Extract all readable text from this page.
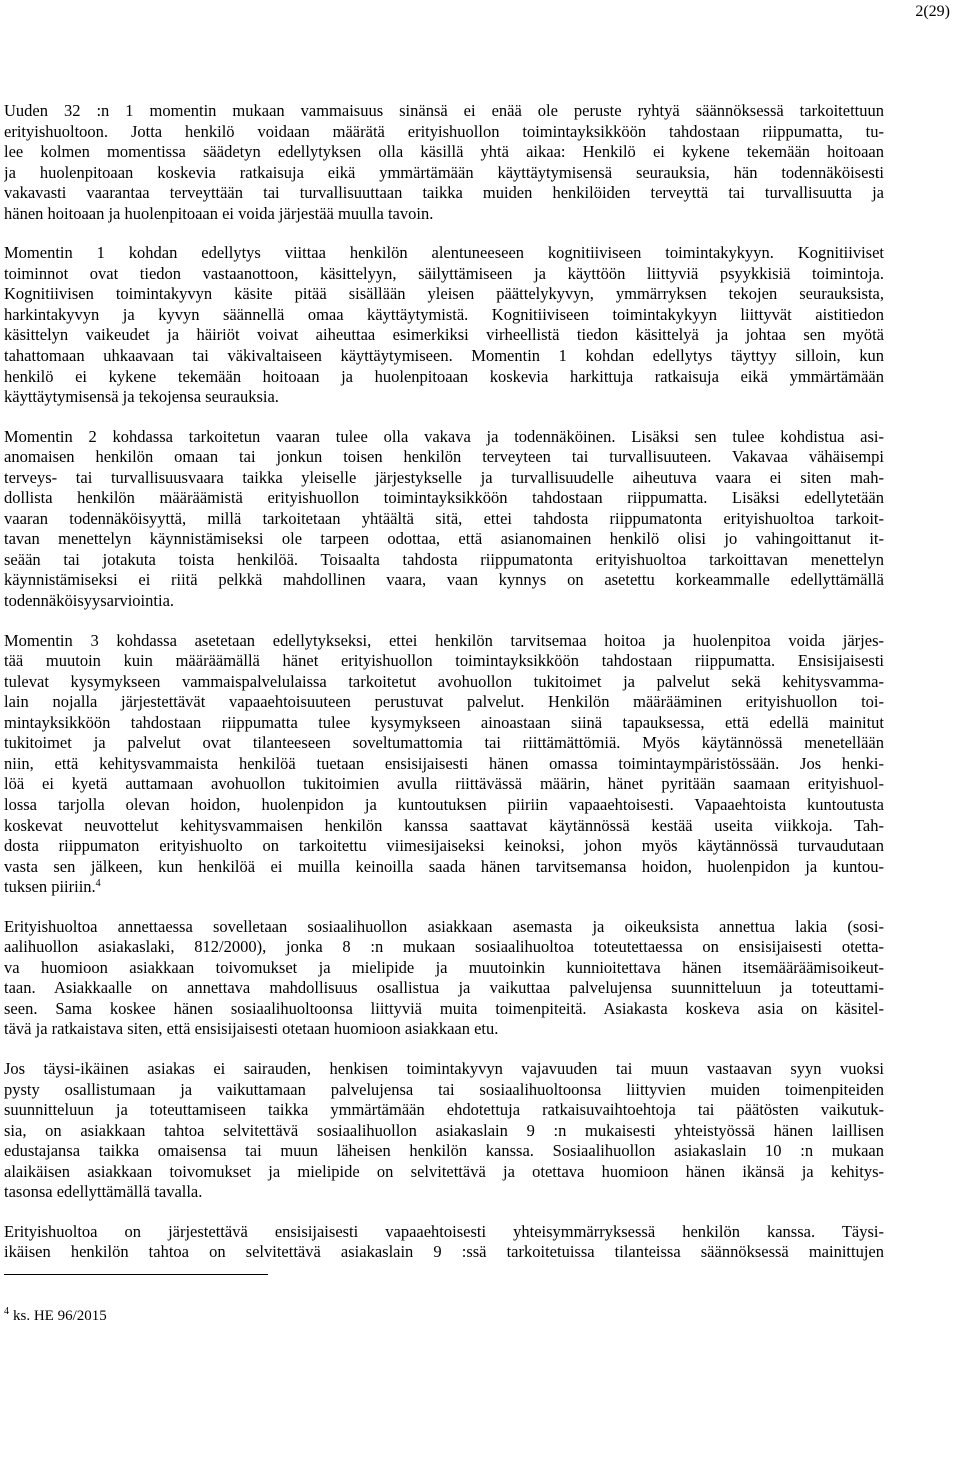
2(29)

Uuden 32 :n 1 momentin mukaan vammaisuus sinänsä ei enää ole peruste ryhtyä säännöksessä tarkoitettuun
erityishuoltoon. Jotta henkilö voidaan määrätä erityishuollon toimintayksikköön tahdostaan riippumatta, tu-
lee kolmen momentissa säädetyn edellytyksen olla käsillä yhtä aikaa: Henkilö ei kykene tekemään hoitoaan
ja huolenpitoaan koskevia ratkaisuja eikä ymmärtämään käyttäytymisensä seurauksia, hän todennäköisesti
vakavasti vaarantaa terveyttään tai turvallisuuttaan taikka muiden henkilöiden terveyttä tai turvallisuutta ja
hänen hoitoaan ja huolenpitoaan ei voida järjestää muulla tavoin.

Momentin 1 kohdan edellytys viittaa henkilön alentuneeseen kognitiiviseen toimintakykyyn. Kognitiiviset
toiminnot ovat tiedon vastaanottoon, käsittelyyn, säilyttämiseen ja käyttöön liittyviä psyykkisiä toimintoja.
Kognitiivisen toimintakyvyn käsite pitää sisällään yleisen päättelykyvyn, ymmärryksen tekojen seurauksista,
harkintakyvyn ja kyvyn säännellä omaa käyttäytymistä. Kognitiiviseen toimintakykyyn liittyvät aistitiedon
käsittelyn vaikeudet ja häiriöt voivat aiheuttaa esimerkiksi virheellistä tiedon käsittelyä ja johtaa sen myötä
tahattomaan uhkaavaan tai väkivaltaiseen käyttäytymiseen. Momentin 1 kohdan edellytys täyttyy silloin, kun
henkilö ei kykene tekemään hoitoaan ja huolenpitoaan koskevia harkittuja ratkaisuja eikä ymmärtämään
käyttäytymisensä ja tekojensa seurauksia.

Momentin 2 kohdassa tarkoitetun vaaran tulee olla vakava ja todennäköinen. Lisäksi sen tulee kohdistua asi-
anomaisen henkilön omaan tai jonkun toisen henkilön terveyteen tai turvallisuuteen. Vakavaa vähäisempi
terveys- tai turvallisuusvaara taikka yleiselle järjestykselle ja turvallisuudelle aiheutuva vaara ei siten mah-
dollista henkilön määräämistä erityishuollon toimintayksikköön tahdostaan riippumatta. Lisäksi edellytetään
vaaran todennäköisyyttä, millä tarkoitetaan yhtäältä sitä, ettei tahdosta riippumatonta erityishuoltoa tarkoit-
tavan menettelyn käynnistämiseksi ole tarpeen odottaa, että asianomainen henkilö olisi jo vahingoittanut it-
seään tai jotakuta toista henkilöä. Toisaalta tahdosta riippumatonta erityishuoltoa tarkoittavan menettelyn
käynnistämiseksi ei riitä pelkkä mahdollinen vaara, vaan kynnys on asetettu korkeammalle edellyttämällä
todennäköisyysarviointia.

Momentin 3 kohdassa asetetaan edellytykseksi, ettei henkilön tarvitsemaa hoitoa ja huolenpitoa voida järjes-
tää muutoin kuin määräämällä hänet erityishuollon toimintayksikköön tahdostaan riippumatta. Ensisijaisesti
tulevat kysymykseen vammaispalvelulaissa tarkoitetut avohuollon tukitoimet ja palvelut sekä kehitysvamma-
lain nojalla järjestettävät vapaaehtoisuuteen perustuvat palvelut. Henkilön määrääminen erityishuollon toi-
mintayksikköön tahdostaan riippumatta tulee kysymykseen ainoastaan siinä tapauksessa, että edellä mainitut
tukitoimet ja palvelut ovat tilanteeseen soveltumattomia tai riittämättömiä. Myös käytännössä menetellään
niin, että kehitysvammaista henkilöä tuetaan ensisijaisesti hänen omassa toimintaympäristössään. Jos henki-
löä ei kyetä auttamaan avohuollon tukitoimien avulla riittävässä määrin, hänet pyritään saamaan erityishuol-
lossa tarjolla olevan hoidon, huolenpidon ja kuntoutuksen piiriin vapaaehtoisesti. Vapaaehtoista kuntoutusta
koskevat neuvottelut kehitysvammaisen henkilön kanssa saattavat käytännössä kestää useita viikkoja. Tah-
dosta riippumaton erityishuolto on tarkoitettu viimesijaiseksi keinoksi, johon myös käytännössä turvaudutaan
vasta sen jälkeen, kun henkilöä ei muilla keinoilla saada hänen tarvitsemansa hoidon, huolenpidon ja kuntou-
tuksen piiriin.$^4$

Erityishuoltoa annettaessa sovelletaan sosiaalihuollon asiakkaan asemasta ja oikeuksista annettua lakia (sosi-
aalihuollon asiakaslaki, 812/2000), jonka 8 :n mukaan sosiaalihuoltoa toteutettaessa on ensisijaisesti otetta-
va huomioon asiakkaan toivomukset ja mielipide ja muutoinkin kunnioitettava hänen itsemääräämisoikeut-
taan. Asiakkaalle on annettava mahdollisuus osallistua ja vaikuttaa palvelujensa suunnitteluun ja toteuttami-
seen. Sama koskee hänen sosiaalihuoltoonsa liittyviä muita toimenpiteitä. Asiakasta koskeva asia on käsitel-
tävä ja ratkaistava siten, että ensisijaisesti otetaan huomioon asiakkaan etu.

Jos täysi-ikäinen asiakas ei sairauden, henkisen toimintakyvyn vajavuuden tai muun vastaavan syyn vuoksi
pysty osallistumaan ja vaikuttamaan palvelujensa tai sosiaalihuoltoonsa liittyvien muiden toimenpiteiden
suunnitteluun ja toteuttamiseen taikka ymmärtämään ehdotettuja ratkaisuvaihtoehtoja tai päätösten vaikutuk-
sia, on asiakkaan tahtoa selvitettävä sosiaalihuollon asiakaslain 9 :n mukaisesti yhteistyössä hänen laillisen
edustajansa taikka omaisensa tai muun läheisen henkilön kanssa. Sosiaalihuollon asiakaslain 10 :n mukaan
alaikäisen asiakkaan toivomukset ja mielipide on selvitettävä ja otettava huomioon hänen ikänsä ja kehitys-
tasonsa edellyttämällä tavalla.

Erityishuoltoa on järjestettävä ensisijaisesti vapaaehtoisesti yhteisymmärryksessä henkilön kanssa. Täysi-
ikäisen henkilön tahtoa on selvitettävä asiakaslain 9 :ssä tarkoitetuissa tilanteissa säännöksessä mainittujen

$^4$ ks. HE 96/2015
